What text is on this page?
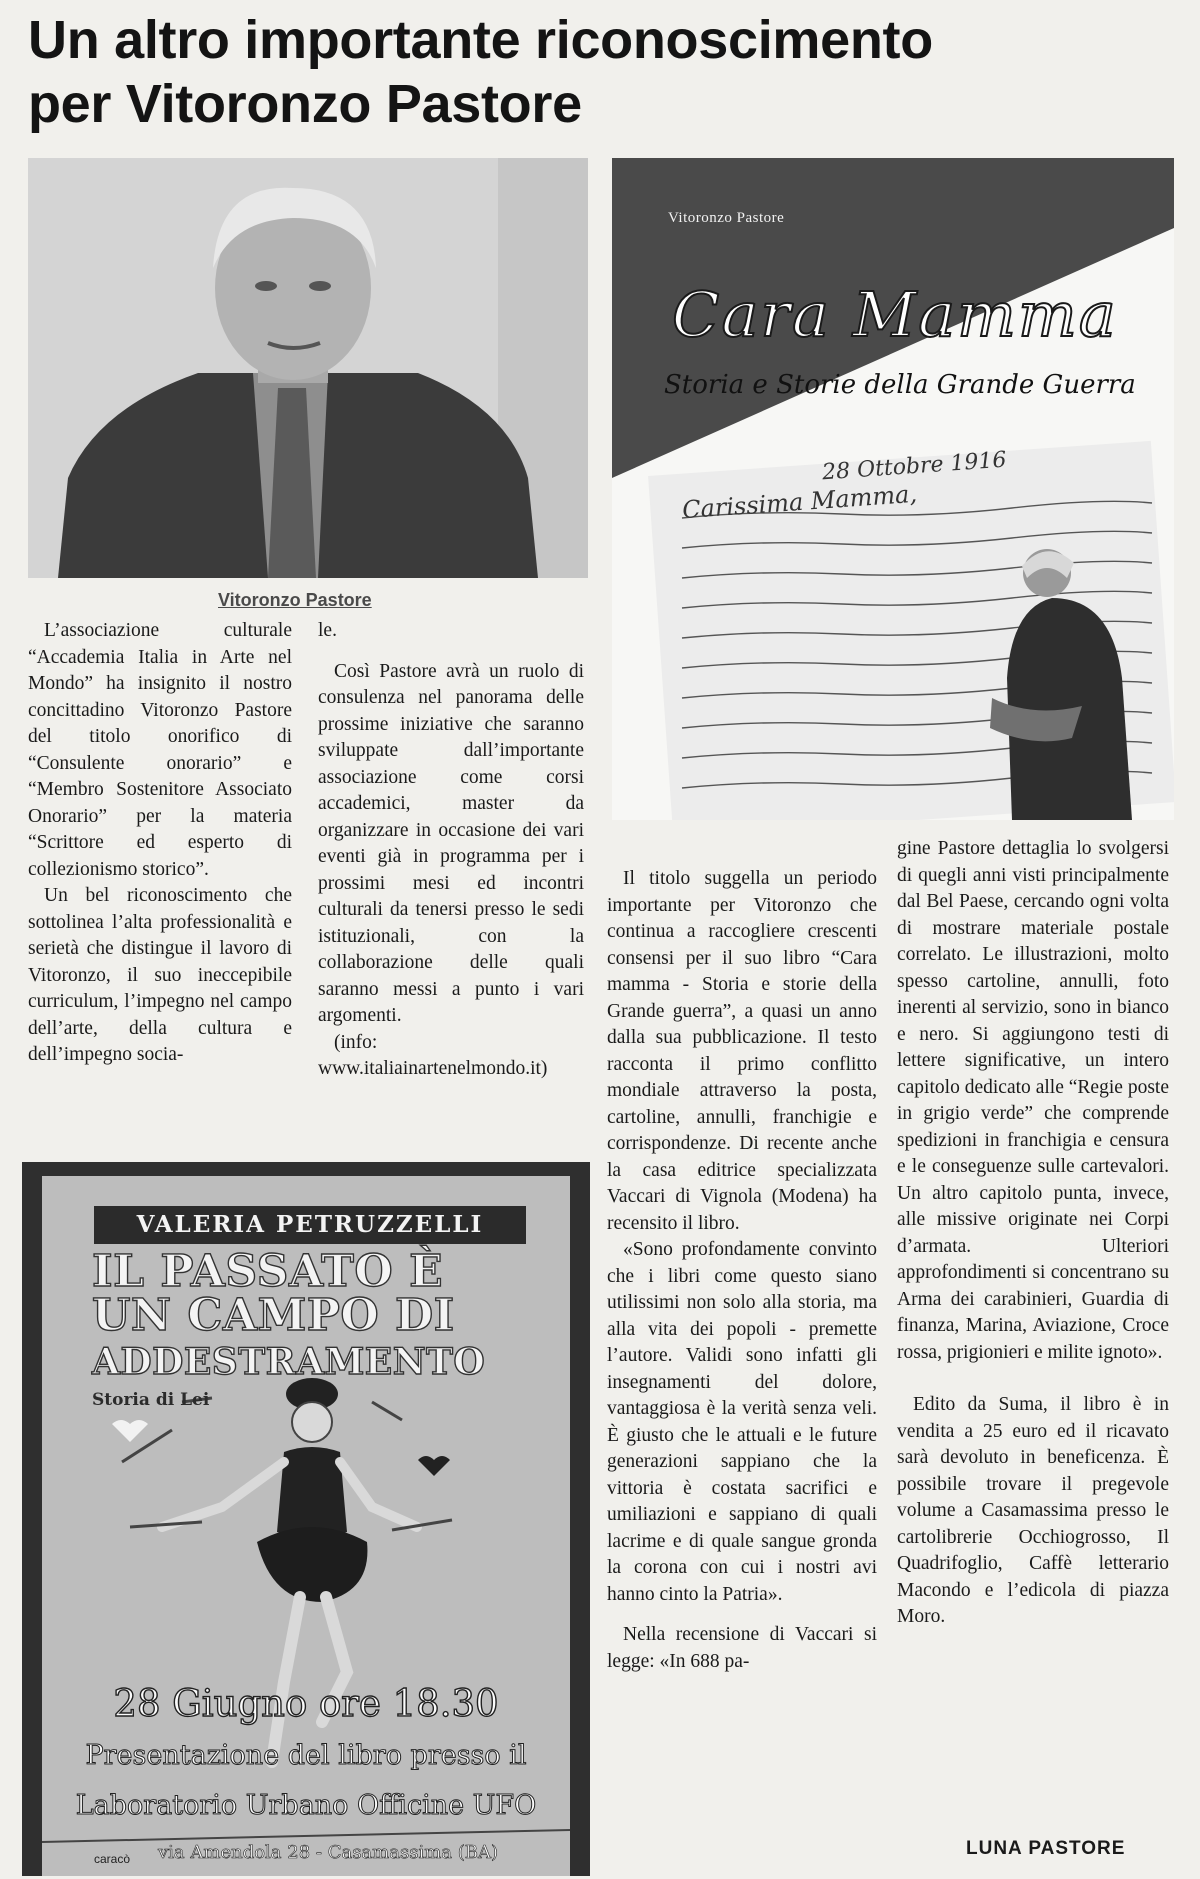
Un altro importante riconoscimento
per Vitoronzo Pastore
Vitoronzo Pastore
Vitoronzo Pastore
Cara Mamma
Storia e Storie della Grande Guerra
28 Ottobre 1916
Carissima Mamma,

L’associazione culturale “Accademia Italia in Arte nel Mondo” ha insignito il nostro concittadino Vitoronzo Pastore del titolo onorifico di “Consulente onorario” e “Membro Sostenitore Associato Onorario” per la materia “Scrittore ed esperto di collezionismo storico”.

Un bel riconoscimento che sottolinea l’alta professionalità e serietà che distingue il lavoro di Vitoronzo, il suo ineccepibile curriculum, l’impegno nel campo dell’arte, della cultura e dell’impegno socia-

le.

Così Pastore avrà un ruolo di consulenza nel panorama delle prossime iniziative che saranno sviluppate dall’importante associazione come corsi accademici, master da organizzare in occasione dei vari eventi già in programma per i prossimi mesi ed incontri culturali da tenersi presso le sedi istituzionali, con la collaborazione delle quali saranno messi a punto i vari argomenti.

(info: www.italiainartenelmondo.it)

Il titolo suggella un periodo importante per Vitoronzo che continua a raccogliere crescenti consensi per il suo libro “Cara mamma - Storia e storie della Grande guerra”, a quasi un anno dalla sua pubblicazione. Il testo racconta il primo conflitto mondiale attraverso la posta, cartoline, annulli, franchigie e corrispondenze. Di recente anche la casa editrice specializzata Vaccari di Vignola (Modena) ha recensito il libro.

«Sono profondamente convinto che i libri come questo siano utilissimi non solo alla storia, ma alla vita dei popoli - premette l’autore. Validi sono infatti gli insegnamenti del dolore, vantaggiosa è la verità senza veli. È giusto che le attuali e le future generazioni sappiano che la vittoria è costata sacrifici e umiliazioni e sappiano di quali lacrime e di quale sangue gronda la corona con cui i nostri avi hanno cinto la Patria».

Nella recensione di Vaccari si legge: «In 688 pa-

gine Pastore dettaglia lo svolgersi di quegli anni visti principalmente dal Bel Paese, cercando ogni volta di mostrare materiale postale correlato. Le illustrazioni, molto spesso cartoline, annulli, foto inerenti al servizio, sono in bianco e nero. Si aggiungono testi di lettere significative, un intero capitolo dedicato alle “Regie poste in grigio verde” che comprende spedizioni in franchigia e censura e le conseguenze sulle cartevalori. Un altro capitolo punta, invece, alle missive originate nei Corpi d’armata. Ulteriori approfondimenti si concentrano su Arma dei carabinieri, Guardia di finanza, Marina, Aviazione, Croce rossa, prigionieri e milite ignoto».

Edito da Suma, il libro è in vendita a 25 euro ed il ricavato sarà devoluto in beneficenza. È possibile trovare il pregevole volume a Casamassima presso le cartolibrerie Occhiogrosso, Il Quadrifoglio, Caffè letterario Macondo e l’edicola di piazza Moro.

VALERIA PETRUZZELLI
IL PASSATO È
UN CAMPO DI
ADDESTRAMENTO
Storia di Lei
28 Giugno ore 18.30
Presentazione del libro presso il
Laboratorio Urbano Officine UFO
caracò via Amendola 28 - Casamassima (BA)	LUNA PASTORE
